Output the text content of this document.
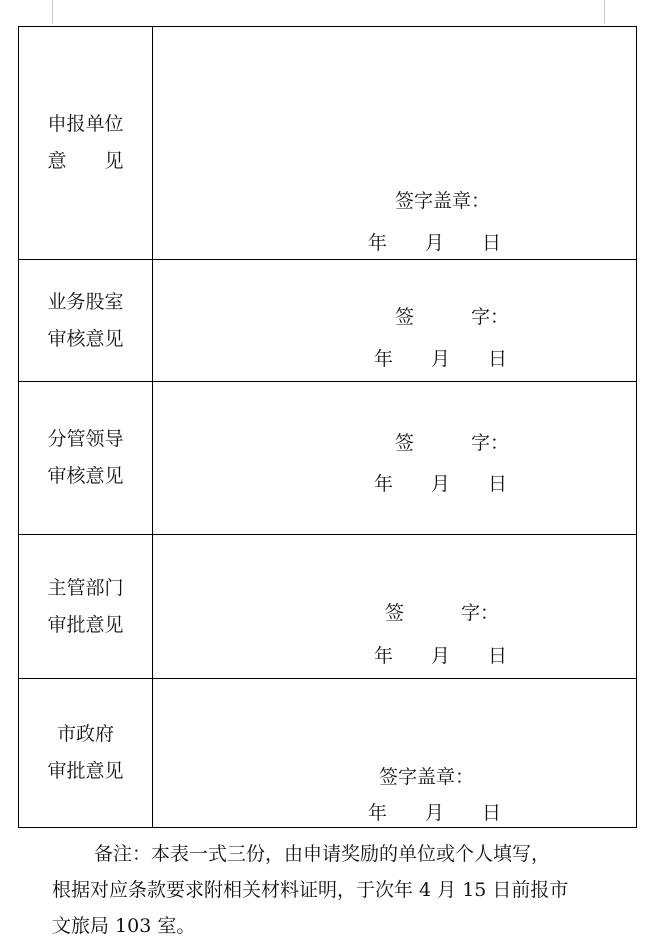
申报单位
意　　见	签字盖章：
年　　月　　日

业务股室
审核意见	签　　　字：
年　　月　　日

分管领导
审核意见	签　　　字：
年　　月　　日

主管部门
审批意见	签　　　字：
年　　月　　日

市政府
审批意见	签字盖章：
年　　月　　日
备注：本表一式三份，由申请奖励的单位或个人填写，
根据对应条款要求附相关材料证明，于次年 4 月 15 日前报市
文旅局 103 室。
